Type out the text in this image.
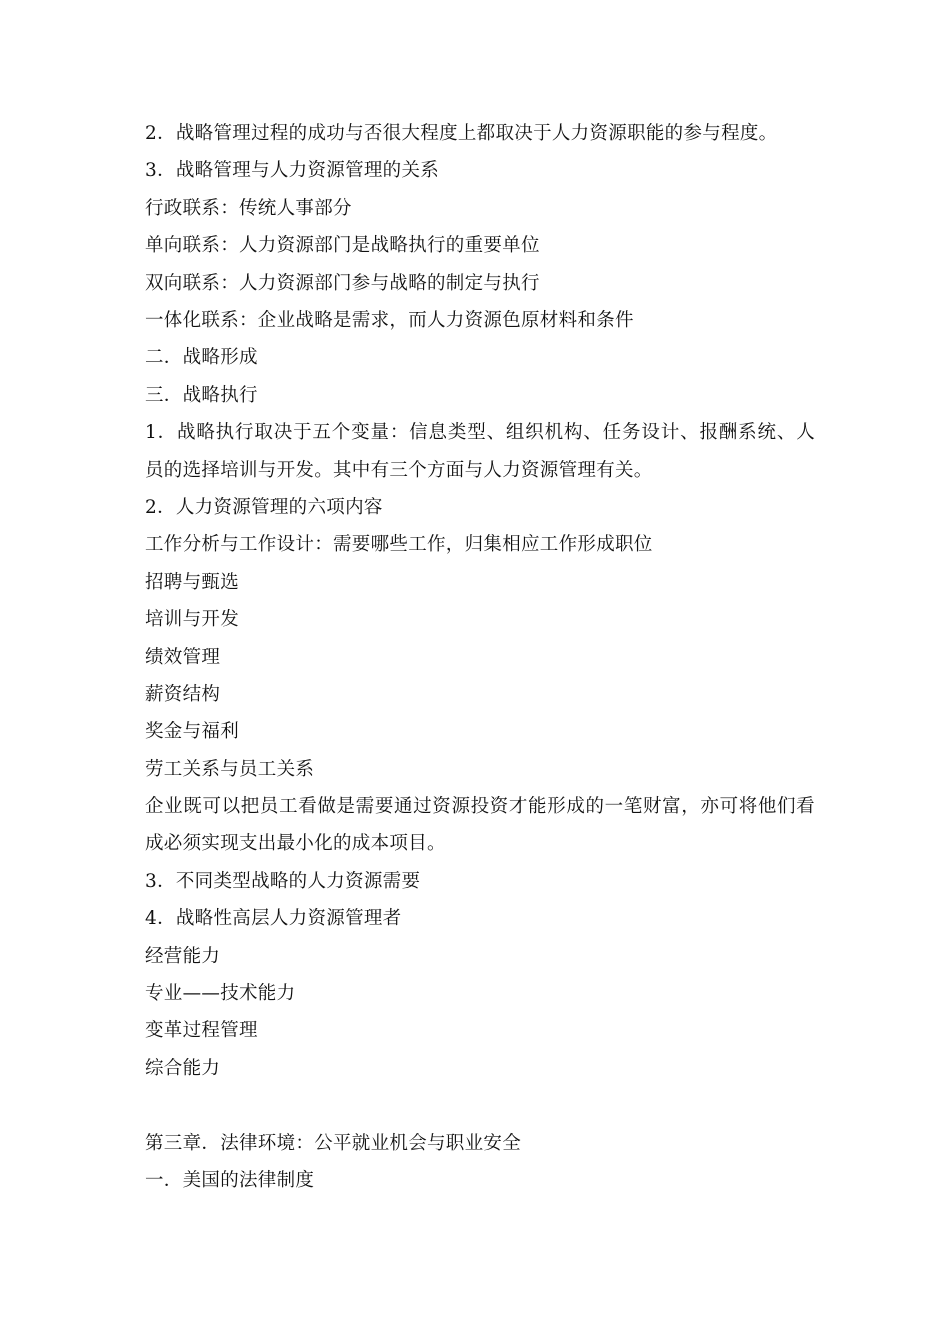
2．战略管理过程的成功与否很大程度上都取决于人力资源职能的参与程度。
3．战略管理与人力资源管理的关系
行政联系：传统人事部分
单向联系：人力资源部门是战略执行的重要单位
双向联系：人力资源部门参与战略的制定与执行
一体化联系：企业战略是需求，而人力资源色原材料和条件
二．战略形成
三．战略执行
1．战略执行取决于五个变量：信息类型、组织机构、任务设计、报酬系统、人员的选择培训与开发。其中有三个方面与人力资源管理有关。
2．人力资源管理的六项内容
工作分析与工作设计：需要哪些工作，归集相应工作形成职位
招聘与甄选
培训与开发
绩效管理
薪资结构
奖金与福利
劳工关系与员工关系
企业既可以把员工看做是需要通过资源投资才能形成的一笔财富，亦可将他们看成必须实现支出最小化的成本项目。
3．不同类型战略的人力资源需要
4．战略性高层人力资源管理者
经营能力
专业——技术能力
变革过程管理
综合能力
第三章．法律环境：公平就业机会与职业安全
一．美国的法律制度
